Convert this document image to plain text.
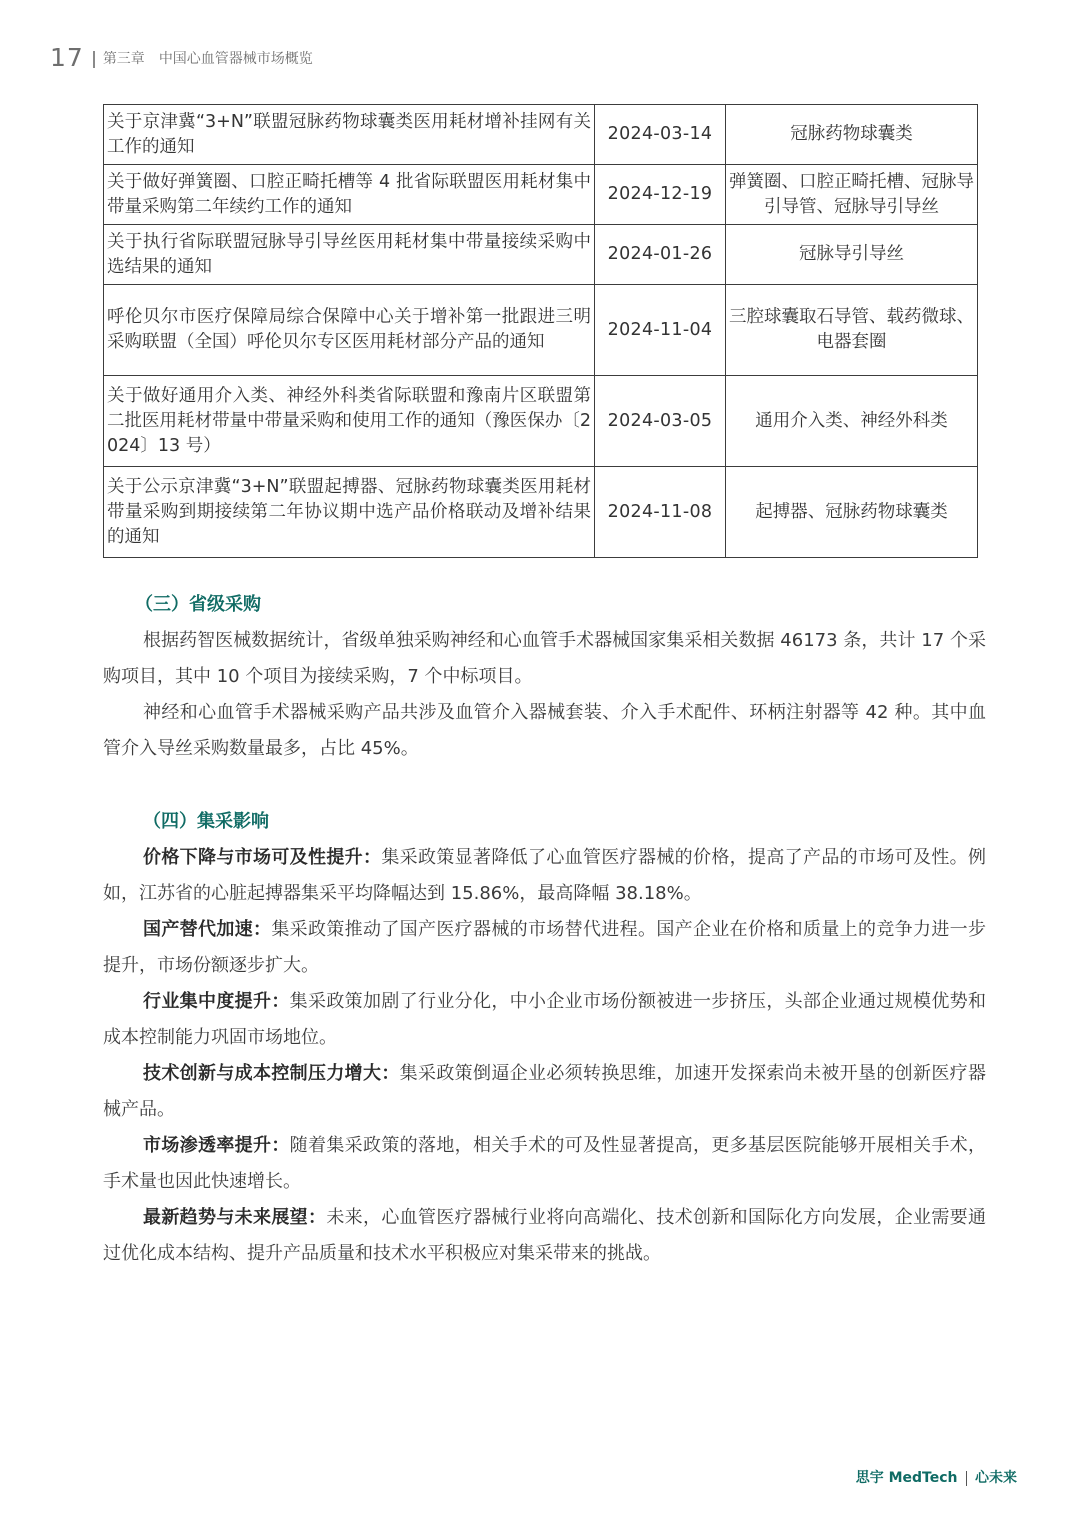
17 第三章 中国心血管器械市场概览
关于京津冀“3+N”联盟冠脉药物球囊类医用耗材增补挂网有关工作的通知	2024-03-14	冠脉药物球囊类
关于做好弹簧圈、口腔正畸托槽等 4 批省际联盟医用耗材集中带量采购第二年续约工作的通知	2024-12-19	弹簧圈、口腔正畸托槽、冠脉导引导管、冠脉导引导丝
关于执行省际联盟冠脉导引导丝医用耗材集中带量接续采购中选结果的通知	2024-01-26	冠脉导引导丝
呼伦贝尔市医疗保障局综合保障中心关于增补第一批跟进三明采购联盟（全国）呼伦贝尔专区医用耗材部分产品的通知	2024-11-04	三腔球囊取石导管、载药微球、电器套圈
关于做好通用介入类、神经外科类省际联盟和豫南片区联盟第二批医用耗材带量中带量采购和使用工作的通知（豫医保办〔2024〕13 号）	2024-03-05	通用介入类、神经外科类
关于公示京津冀“3+N”联盟起搏器、冠脉药物球囊类医用耗材带量采购到期接续第二年协议期中选产品价格联动及增补结果的通知	2024-11-08	起搏器、冠脉药物球囊类
（三）省级采购

根据药智医械数据统计，省级单独采购神经和心血管手术器械国家集采相关数据 46173 条，共计 17 个采购项目，其中 10 个项目为接续采购，7 个中标项目。

神经和心血管手术器械采购产品共涉及血管介入器械套装、介入手术配件、环柄注射器等 42 种。其中血管介入导丝采购数量最多，占比 45%。

（四）集采影响

价格下降与市场可及性提升：集采政策显著降低了心血管医疗器械的价格，提高了产品的市场可及性。例如，江苏省的心脏起搏器集采平均降幅达到 15.86%，最高降幅 38.18%。

国产替代加速：集采政策推动了国产医疗器械的市场替代进程。国产企业在价格和质量上的竞争力进一步提升，市场份额逐步扩大。

行业集中度提升：集采政策加剧了行业分化，中小企业市场份额被进一步挤压，头部企业通过规模优势和成本控制能力巩固市场地位。

技术创新与成本控制压力增大：集采政策倒逼企业必须转换思维，加速开发探索尚未被开垦的创新医疗器械产品。

市场渗透率提升：随着集采政策的落地，相关手术的可及性显著提高，更多基层医院能够开展相关手术，手术量也因此快速增长。

最新趋势与未来展望：未来，心血管医疗器械行业将向高端化、技术创新和国际化方向发展，企业需要通过优化成本结构、提升产品质量和技术水平积极应对集采带来的挑战。

思宇 MedTech 心未来
